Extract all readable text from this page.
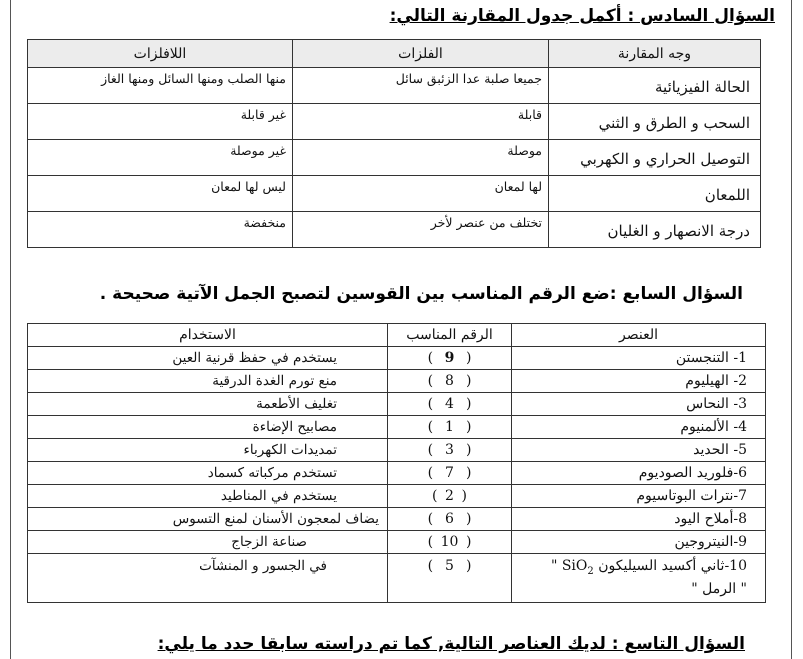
السؤال السادس : أكمل جدول المقارنة التالي:
وجه المقارنة	الفلزات	اللافلزات
الحالة الفيزيائية	جميعا صلبة عدا الزئبق سائل	منها الصلب ومنها السائل ومنها الغاز
السحب و الطرق و الثني	قابلة	غير قابلة
التوصيل الحراري و الكهربي	موصلة	غير موصلة
اللمعان	لها لمعان	ليس لها لمعان
درجة الانصهار و الغليان	تختلف من عنصر لأخر	منخفضة
السؤال السابع :ضع الرقم المناسب بين القوسين لتصبح الجمل الآتية صحيحة .
العنصر	الرقم المناسب	الاستخدام
1- التنجستن	( 9 )	يستخدم في حفظ قرنية العين
2- الهيليوم	( 8 )	منع تورم الغدة الدرقية
3- النحاس	( 4 )	تغليف الأطعمة
4- الألمنيوم	( 1 )	مصابيح الإضاءة
5- الحديد	( 3 )	تمديدات الكهرباء
6-فلوريد الصوديوم	( 7 )	تستخدم مركباته كسماد
7-نترات البوتاسيوم	( 2 )	يستخدم في المناطيد
8-أملاح اليود	( 6 )	يضاف لمعجون الأسنان لمنع التسوس
9-النيتروجين	( 10 )	صناعة الزجاج

10-ثاني أكسيد السيليكون " SiO$_2$
" الرمل "	( 5 )	في الجسور و المنشآت
السؤال التاسع : لديك العناصر التالية, كما تم دراسته سابقا حدد ما يلي:
